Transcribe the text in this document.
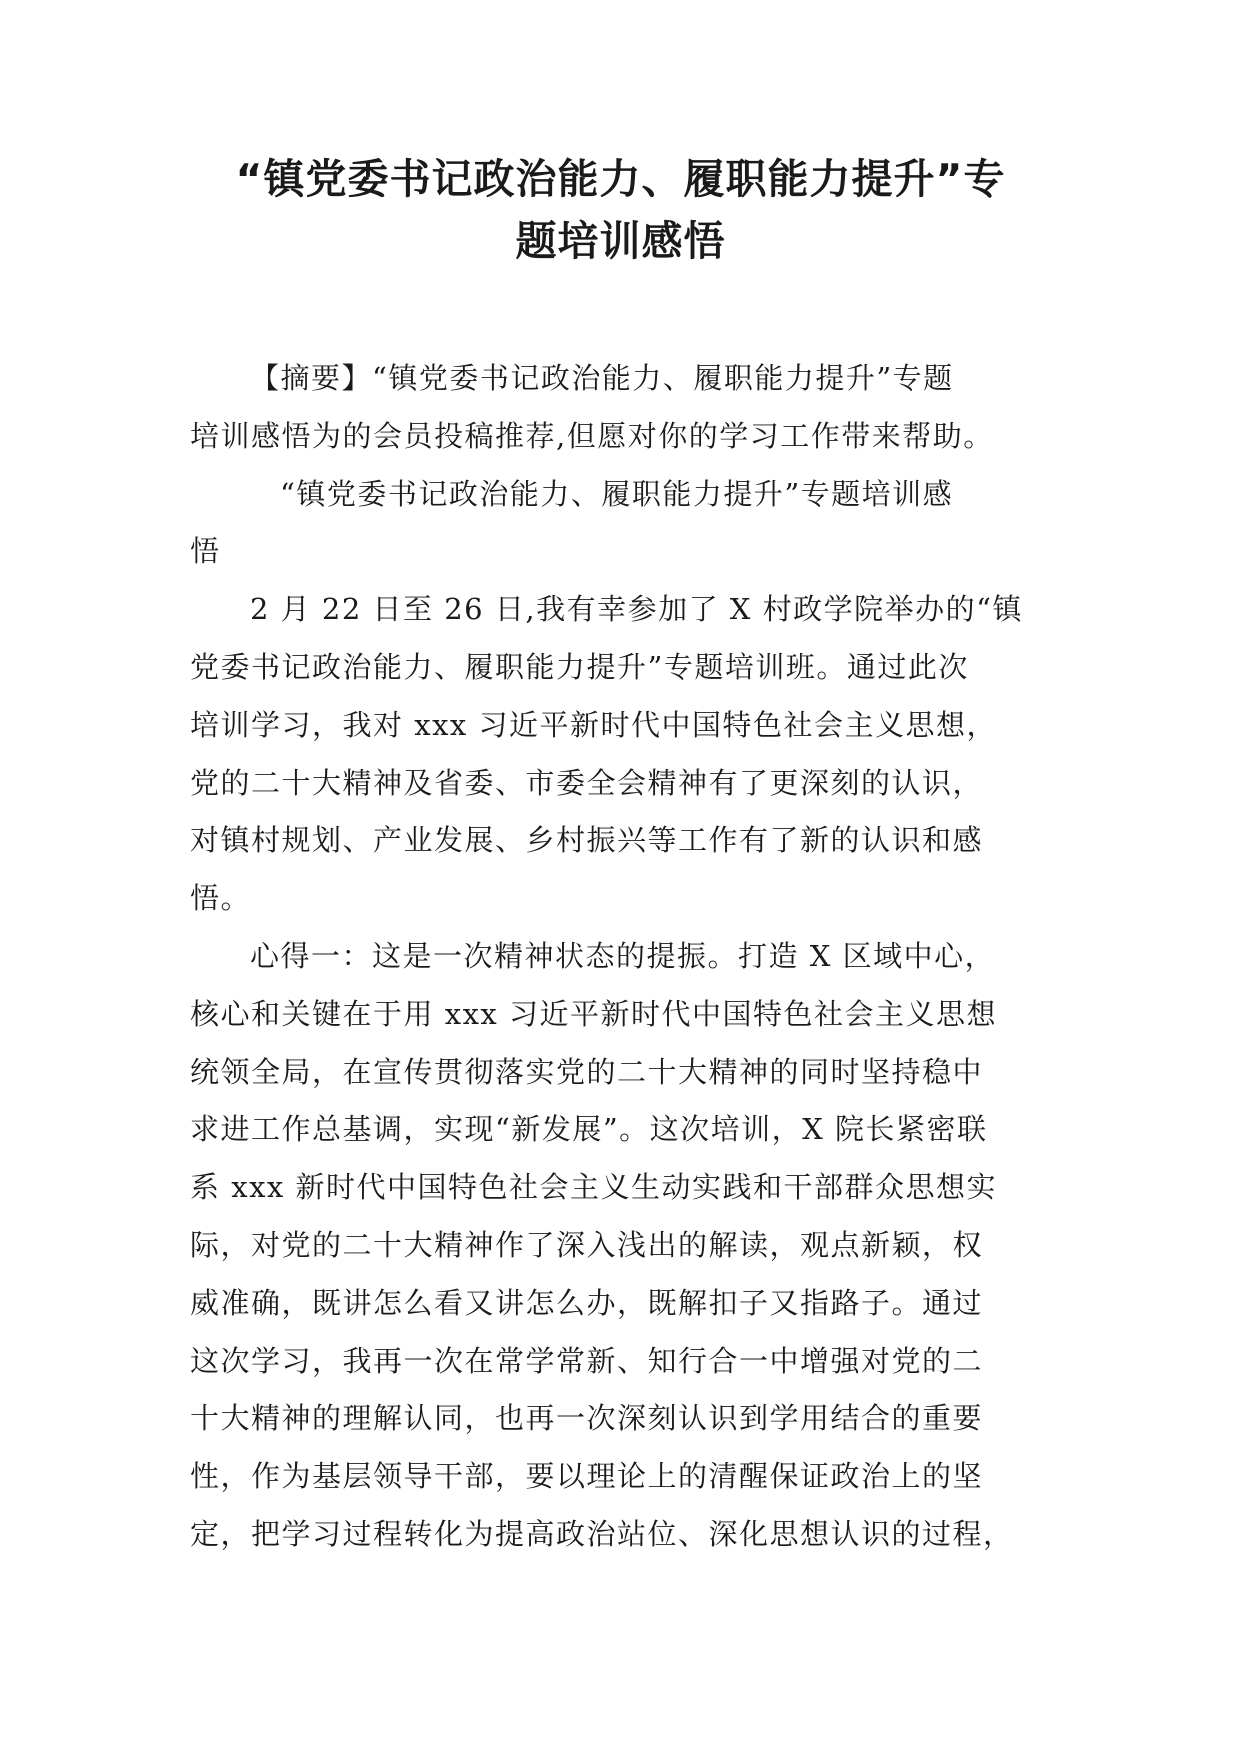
“镇党委书记政治能力、履职能力提升”专
题培训感悟
【摘要】“镇党委书记政治能力、履职能力提升”专题
培训感悟为的会员投稿推荐,但愿对你的学习工作带来帮助。
“镇党委书记政治能力、履职能力提升”专题培训感
悟
2 月 22 日至 26 日,我有幸参加了 X 村政学院举办的“镇
党委书记政治能力、履职能力提升”专题培训班。通过此次
培训学习，我对 xxx 习近平新时代中国特色社会主义思想，
党的二十大精神及省委、市委全会精神有了更深刻的认识，
对镇村规划、产业发展、乡村振兴等工作有了新的认识和感
悟。
心得一：这是一次精神状态的提振。打造 X 区域中心，
核心和关键在于用 xxx 习近平新时代中国特色社会主义思想
统领全局，在宣传贯彻落实党的二十大精神的同时坚持稳中
求进工作总基调，实现“新发展”。这次培训，X 院长紧密联
系 xxx 新时代中国特色社会主义生动实践和干部群众思想实
际，对党的二十大精神作了深入浅出的解读，观点新颖，权
威准确，既讲怎么看又讲怎么办，既解扣子又指路子。通过
这次学习，我再一次在常学常新、知行合一中增强对党的二
十大精神的理解认同，也再一次深刻认识到学用结合的重要
性，作为基层领导干部，要以理论上的清醒保证政治上的坚
定，把学习过程转化为提高政治站位、深化思想认识的过程，
